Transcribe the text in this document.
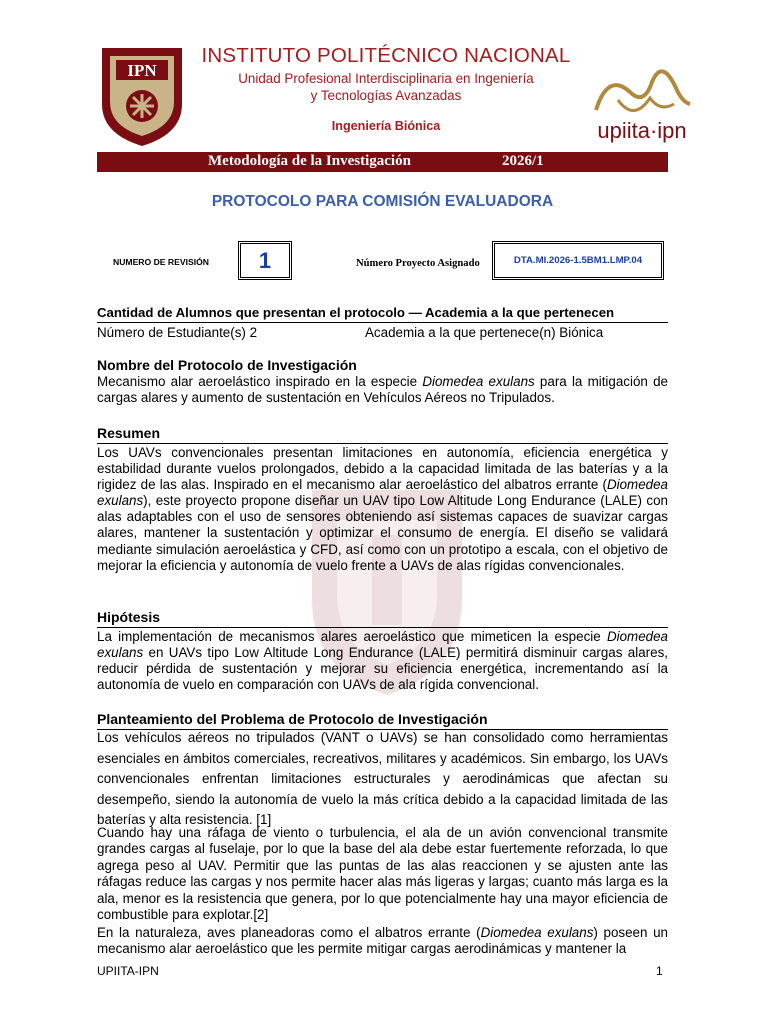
IPN
upiita·ipn
INSTITUTO POLITÉCNICO NACIONAL
Unidad Profesional Interdisciplinaria en Ingeniería
y Tecnologías Avanzadas
Ingeniería Biónica
Metodología de la Investigación	2026/1
PROTOCOLO PARA COMISIÓN EVALUADORA
NUMERO DE REVISIÓN	1	Número Proyecto Asignado	DTA.MI.2026-1.5BM1.LMP.04
Cantidad de Alumnos que presentan el protocolo — Academia a la que pertenecen
Número de Estudiante(s) 2	Academia a la que pertenece(n) Biónica
Nombre del Protocolo de Investigación
Mecanismo alar aeroelástico inspirado en la especie Diomedea exulans para la mitigación de cargas alares y aumento de sustentación en Vehículos Aéreos no Tripulados.
Resumen
Los UAVs convencionales presentan limitaciones en autonomía, eficiencia energética y estabilidad durante vuelos prolongados, debido a la capacidad limitada de las baterías y a la rigidez de las alas. Inspirado en el mecanismo alar aeroelástico del albatros errante (Diomedea exulans), este proyecto propone diseñar un UAV tipo Low Altitude Long Endurance (LALE) con alas adaptables con el uso de sensores obteniendo así sistemas capaces de suavizar cargas alares, mantener la sustentación y optimizar el consumo de energía. El diseño se validará mediante simulación aeroelástica y CFD, así como con un prototipo a escala, con el objetivo de mejorar la eficiencia y autonomía de vuelo frente a UAVs de alas rígidas convencionales.
Hipótesis
La implementación de mecanismos alares aeroelástico que mimeticen la especie Diomedea exulans en UAVs tipo Low Altitude Long Endurance (LALE) permitirá disminuir cargas alares, reducir pérdida de sustentación y mejorar su eficiencia energética, incrementando así la autonomía de vuelo en comparación con UAVs de ala rígida convencional.
Planteamiento del Problema de Protocolo de Investigación
Los vehículos aéreos no tripulados (VANT o UAVs) se han consolidado como herramientas esenciales en ámbitos comerciales, recreativos, militares y académicos. Sin embargo, los UAVs convencionales enfrentan limitaciones estructurales y aerodinámicas que afectan su desempeño, siendo la autonomía de vuelo la más crítica debido a la capacidad limitada de las baterías y alta resistencia. [1]
Cuando hay una ráfaga de viento o turbulencia, el ala de un avión convencional transmite grandes cargas al fuselaje, por lo que la base del ala debe estar fuertemente reforzada, lo que agrega peso al UAV. Permitir que las puntas de las alas reaccionen y se ajusten ante las ráfagas reduce las cargas y nos permite hacer alas más ligeras y largas; cuanto más larga es la ala, menor es la resistencia que genera, por lo que potencialmente hay una mayor eficiencia de combustible para explotar.[2]
En la naturaleza, aves planeadoras como el albatros errante (Diomedea exulans) poseen un mecanismo alar aeroelástico que les permite mitigar cargas aerodinámicas y mantener la
UPIITA-IPN	1
